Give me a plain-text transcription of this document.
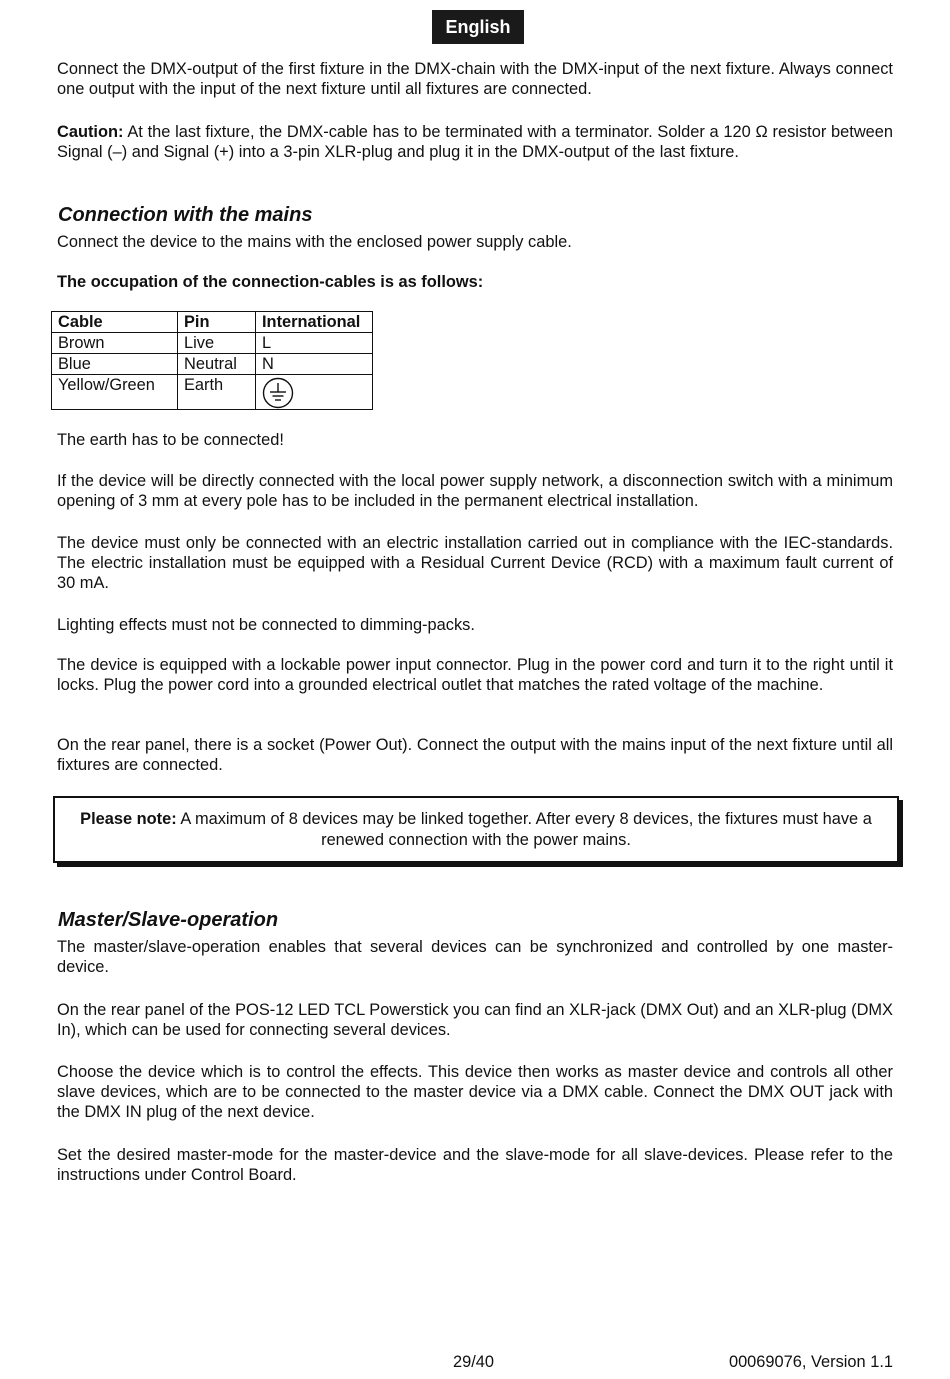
English

Connect the DMX-output of the first fixture in the DMX-chain with the DMX-input of the next fixture. Always connect one output with the input of the next fixture until all fixtures are connected.

Caution: At the last fixture, the DMX-cable has to be terminated with a terminator. Solder a 120 Ω resistor between Signal (–) and Signal (+) into a 3-pin XLR-plug and plug it in the DMX-output of the last fixture.

Connection with the mains

Connect the device to the mains with the enclosed power supply cable.

The occupation of the connection-cables is as follows:

Cable	Pin	International
Brown	Live	L
Blue	Neutral	N
Yellow/Green	Earth	

The earth has to be connected!

If the device will be directly connected with the local power supply network, a disconnection switch with a minimum opening of 3 mm at every pole has to be included in the permanent electrical installation.

The device must only be connected with an electric installation carried out in compliance with the IEC-standards. The electric installation must be equipped with a Residual Current Device (RCD) with a maximum fault current of 30 mA.

Lighting effects must not be connected to dimming-packs.

The device is equipped with a lockable power input connector. Plug in the power cord and turn it to the right until it locks. Plug the power cord into a grounded electrical outlet that matches the rated voltage of the machine.

On the rear panel, there is a socket (Power Out). Connect the output with the mains input of the next fixture until all fixtures are connected.

Please note: A maximum of 8 devices may be linked together. After every 8 devices, the fixtures must have a renewed connection with the power mains.
Master/Slave-operation

The master/slave-operation enables that several devices can be synchronized and controlled by one master-device.

On the rear panel of the POS-12 LED TCL Powerstick you can find an XLR-jack (DMX Out) and an XLR-plug (DMX In), which can be used for connecting several devices.

Choose the device which is to control the effects. This device then works as master device and controls all other slave devices, which are to be connected to the master device via a DMX cable. Connect the DMX OUT jack with the DMX IN plug of the next device.

Set the desired master-mode for the master-device and the slave-mode for all slave-devices. Please refer to the instructions under Control Board.

29/40	00069076, Version 1.1
